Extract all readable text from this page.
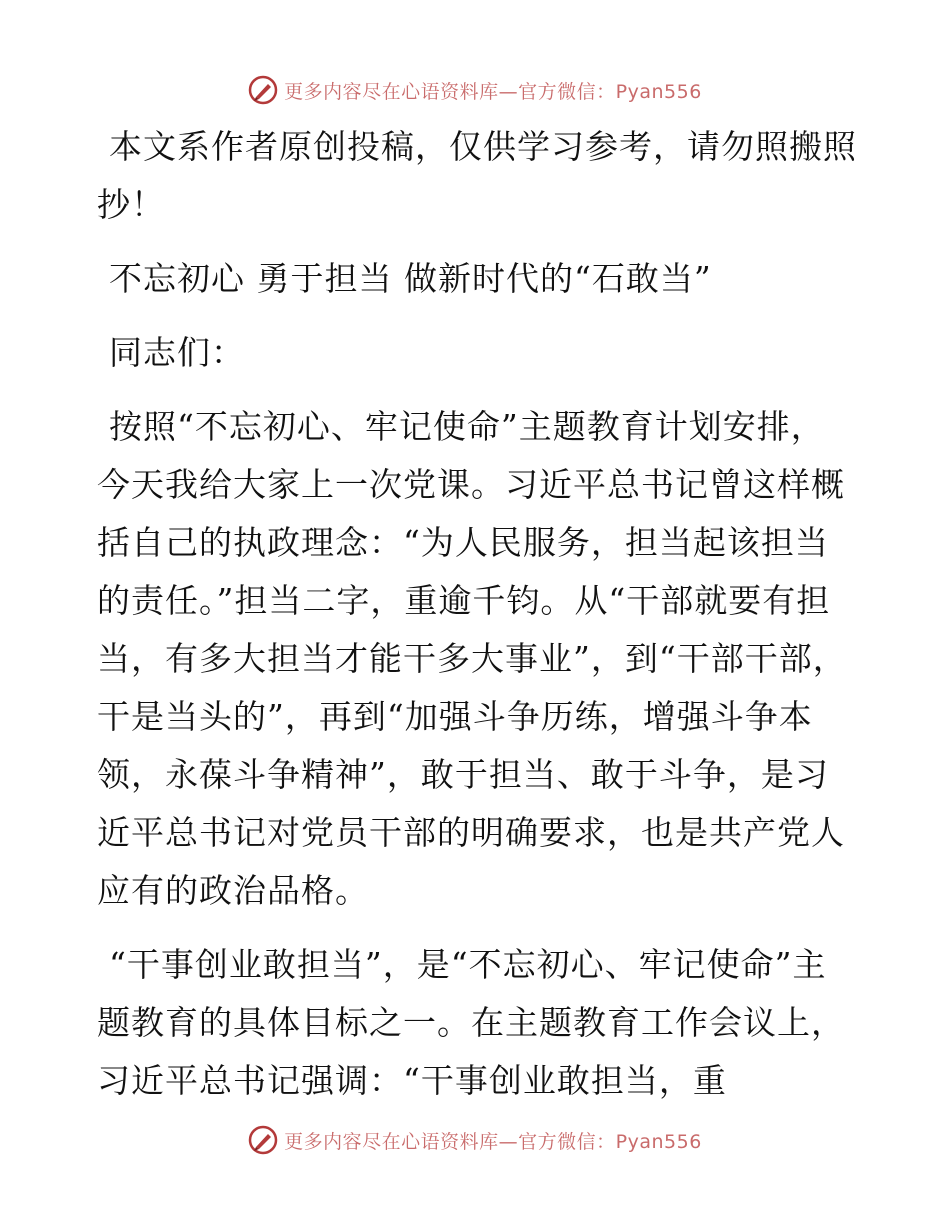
更多内容尽在心语资料库—官方微信：Pyan556

本文系作者原创投稿，仅供学习参考，请勿照搬照抄！

不忘初心 勇于担当 做新时代的“石敢当”

同志们：

按照“不忘初心、牢记使命”主题教育计划安排，今天我给大家上一次党课。习近平总书记曾这样概括自己的执政理念：“为人民服务，担当起该担当的责任。”担当二字，重逾千钧。从“干部就要有担当，有多大担当才能干多大事业”，到“干部干部，干是当头的”，再到“加强斗争历练，增强斗争本领，永葆斗争精神”，敢于担当、敢于斗争，是习近平总书记对党员干部的明确要求，也是共产党人应有的政治品格。

“干事创业敢担当”，是“不忘初心、牢记使命”主题教育的具体目标之一。在主题教育工作会议上，习近平总书记强调：“干事创业敢担当，重

更多内容尽在心语资料库—官方微信：Pyan556
